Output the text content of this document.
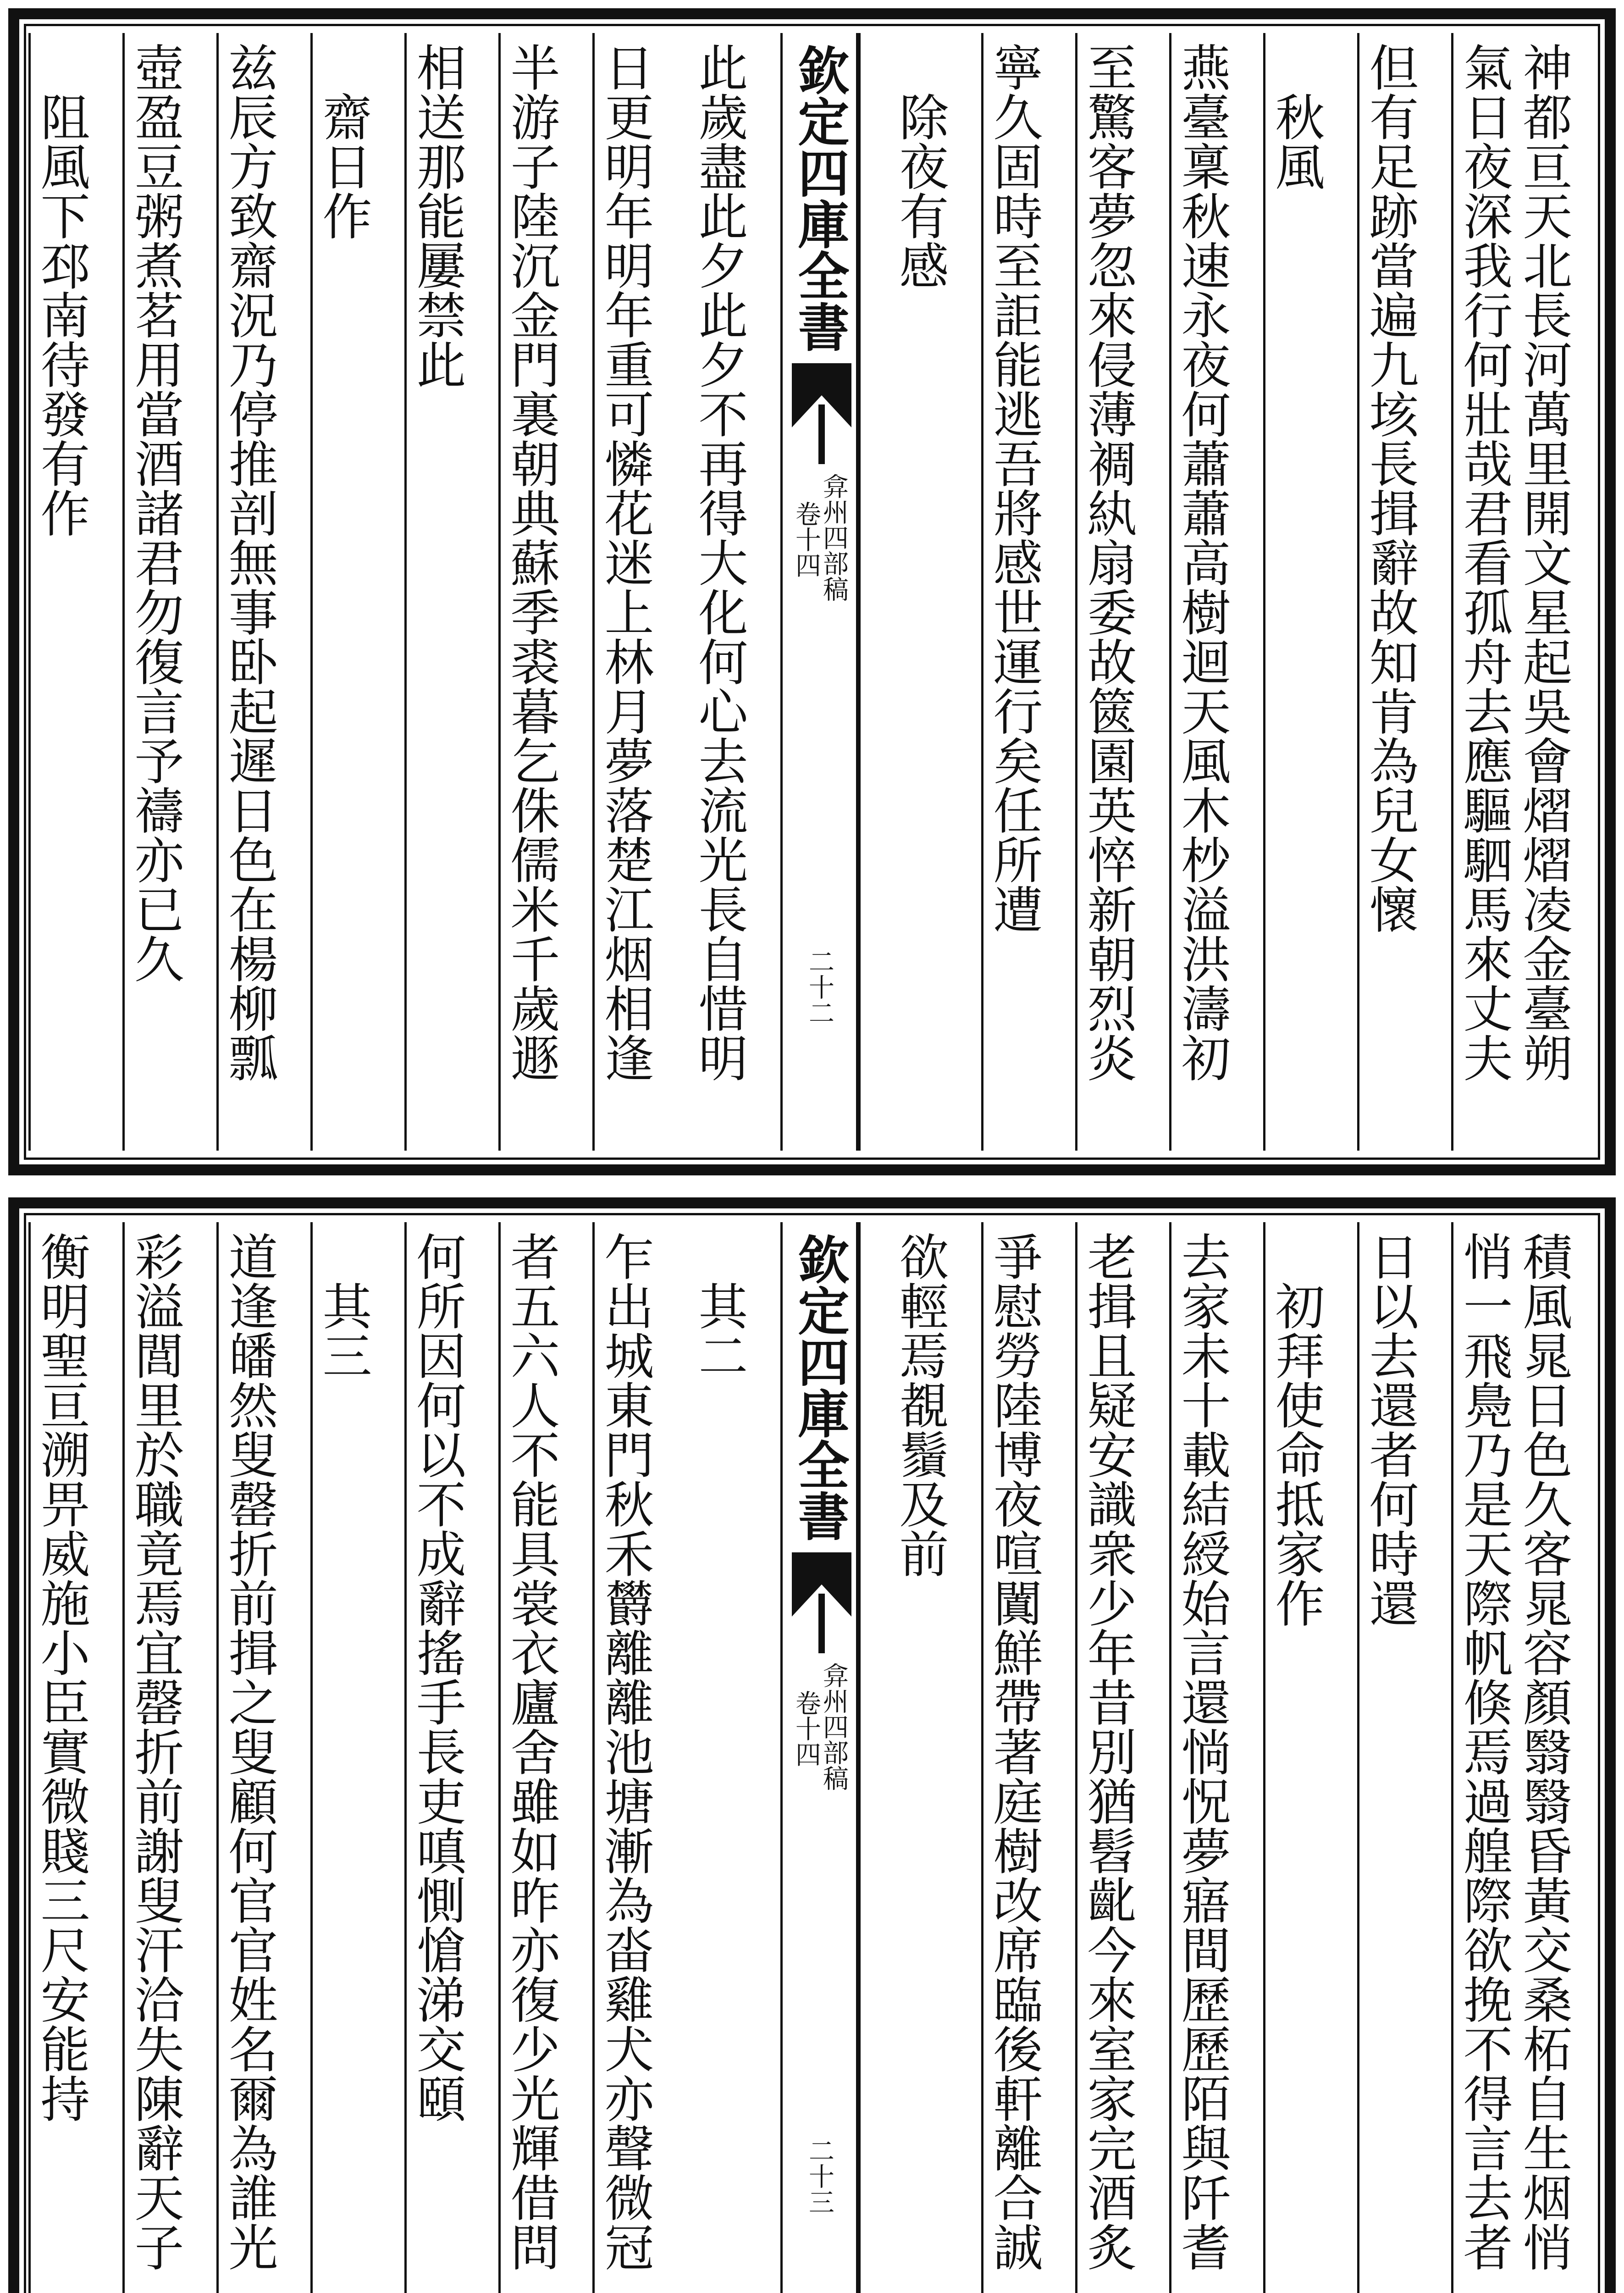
神都亘天北長河萬里開文星起吳會熠熠凌金臺朔
氣日夜深我行何壯哉君看孤舟去應驅駟馬來丈夫
但有足跡當遍九垓長揖辭故知肯為兒女懷
　秋風
燕臺稟秋速永夜何蕭蕭高樹迴天風木杪溢洪濤初
至驚客夢忽來侵薄裯紈扇委故篋園英悴新朝烈炎
寧久固時至詎能逃吾將感世運行矣任所遭
　除夜有感
欽定四庫全書
弇州四部稿
卷十四
二十二
此歲盡此夕此夕不再得大化何心去流光長自惜明
日更明年明年重可憐花迷上林月夢落楚江烟相逢
半游子陸沉金門裏朝典蘇季裘暮乞侏儒米千歲遯
相送那能屢禁此
　齋日作
兹辰方致齋況乃停推剖無事卧起遲日色在楊柳瓢
壺盈豆粥煮茗用當酒諸君勿復言予禱亦已久
　阻風下邳南待發有作
積風晁日色久客晁容顏翳翳昏黃交桑柘自生烟悄
悄一飛鳧乃是天際帆倏焉過艎際欲挽不得言去者
日以去還者何時還
　初拜使命抵家作
去家未十載結綬始言還惝怳夢寤間歷歷陌與阡耆
老揖且疑安識衆少年昔別猶髫齔今來室家完酒炙
爭慰勞陸博夜喧闐鮮帶著庭樹改席臨後軒離合誠
欲輕焉覩鬚及前
欽定四庫全書
弇州四部稿
卷十四
二十三
　其二
乍出城東門秋禾欝離離池塘漸為畓雞犬亦聲微冠
者五六人不能具裳衣廬舍雖如昨亦復少光輝借問
何所因何以不成辭搖手長吏嗔惻愴涕交頤
　其三
道逢皤然叟罄折前揖之叟顧何官官姓名爾為誰光
彩溢閭里於職竟焉宜罄折前謝叟汗洽失陳辭天子
衡明聖亘溯畀威施小臣實微賤三尺安能持
